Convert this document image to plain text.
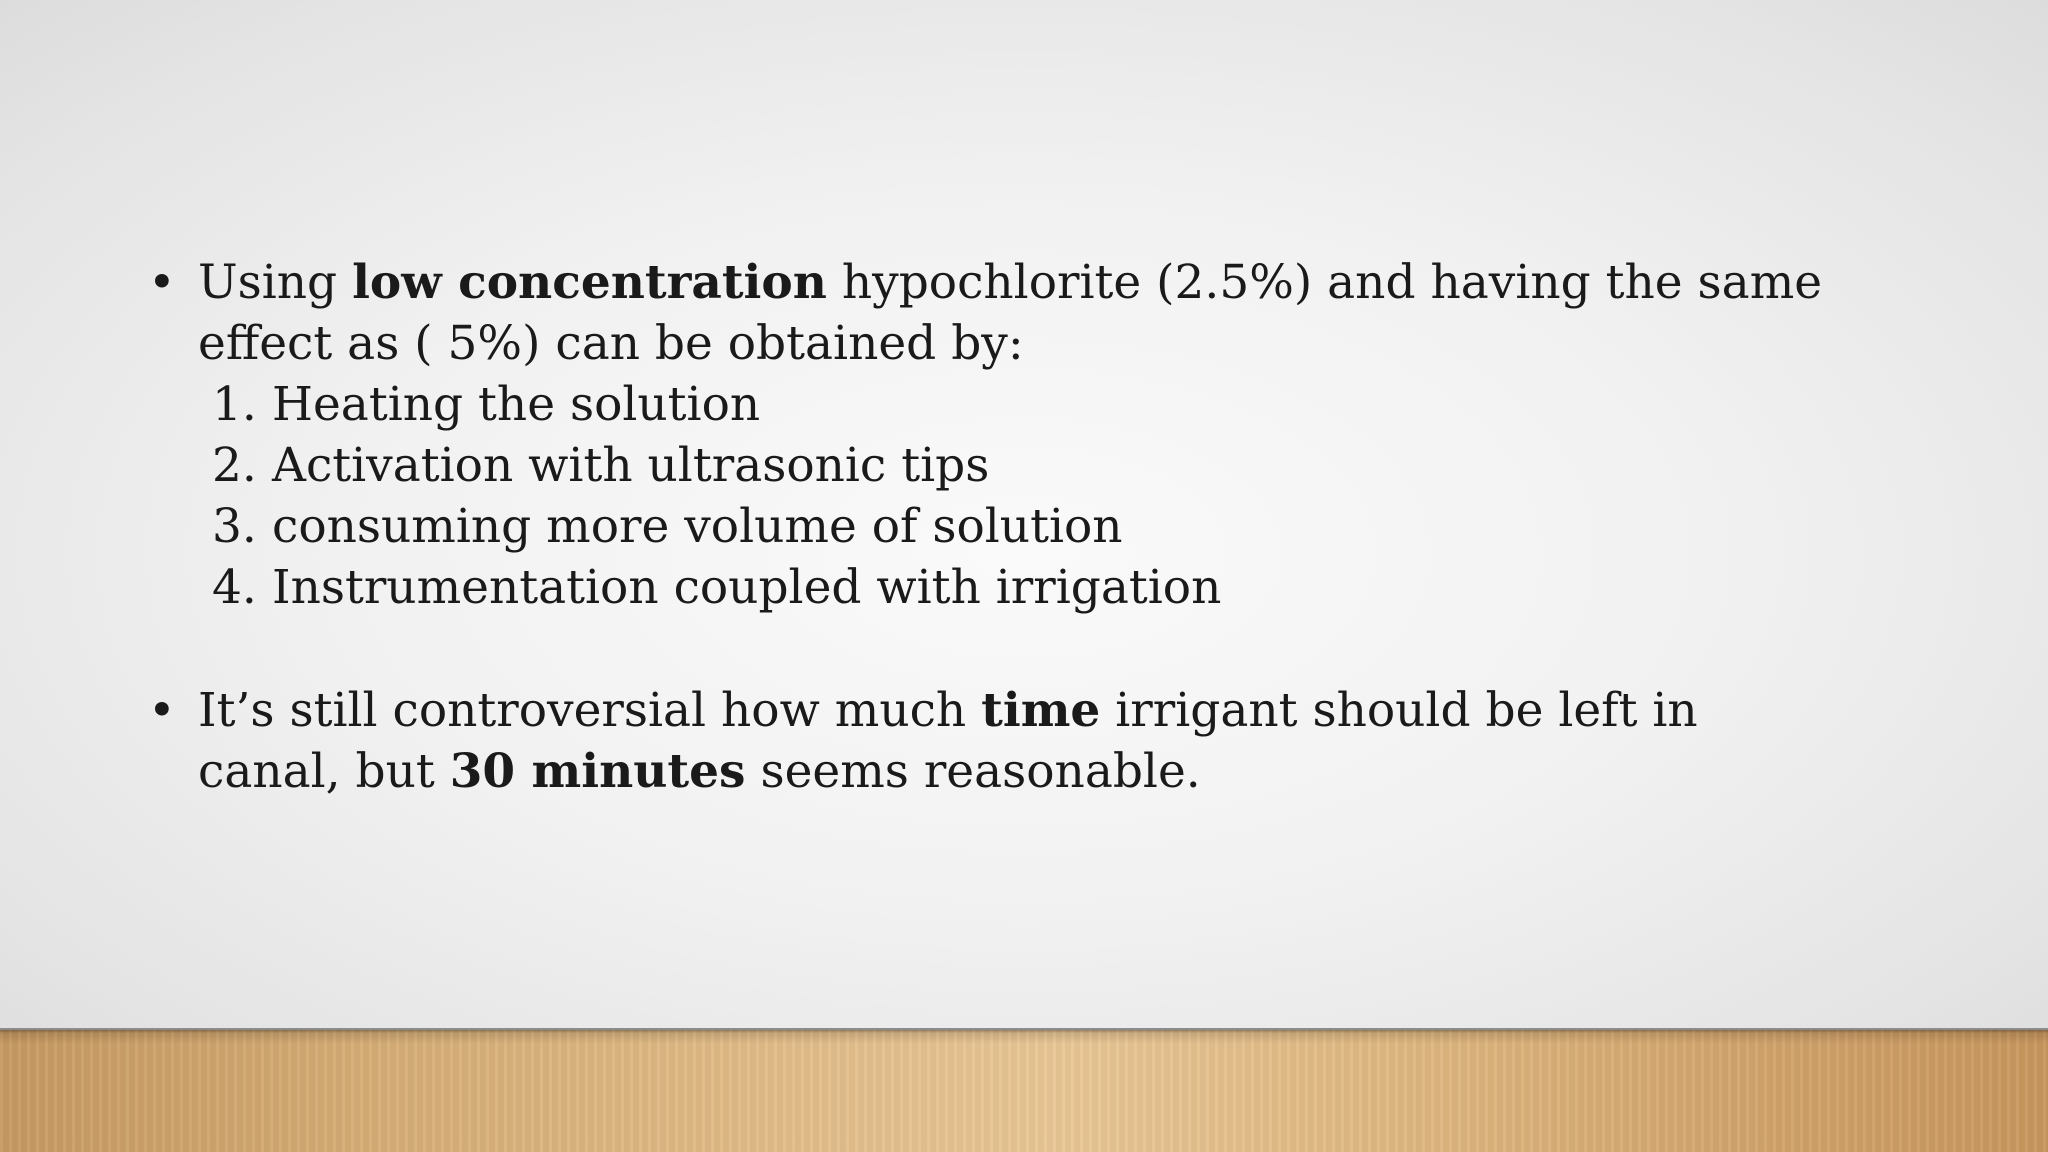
• Using low concentration hypochlorite (2.5%) and having the same effect as ( 5%) can be obtained by:
1. Heating the solution
2. Activation with ultrasonic tips
3. consuming more volume of solution
4. Instrumentation coupled with irrigation
• It’s still controversial how much time irrigant should be left in canal, but 30 minutes seems reasonable.
